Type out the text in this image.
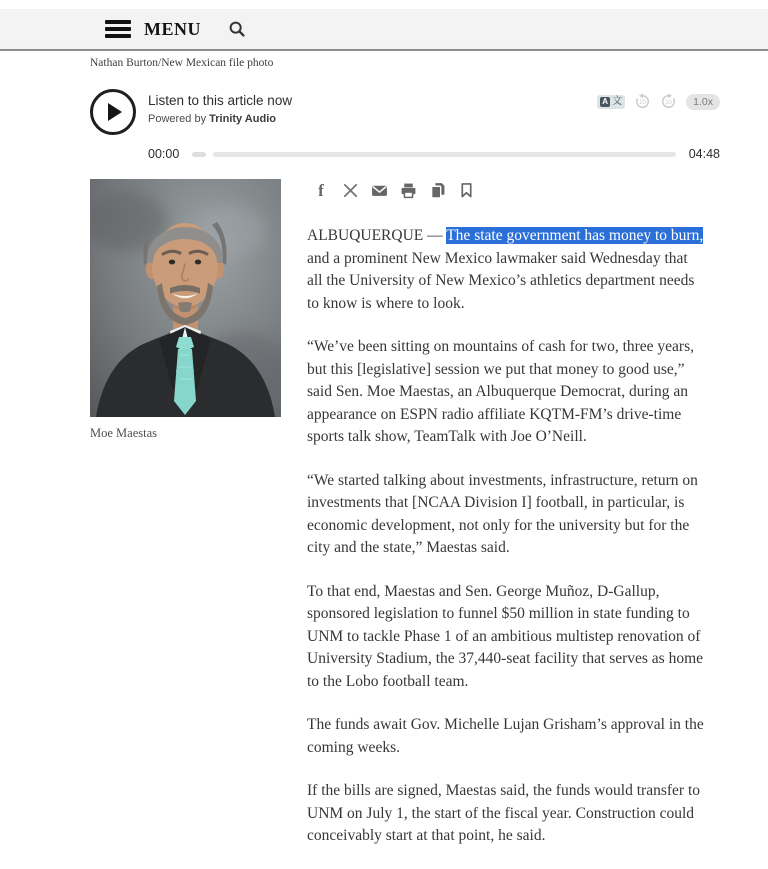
MENU
Nathan Burton/New Mexican file photo
Listen to this article now
Powered by Trinity Audio
A 文 10	10	1.0x
00:00	04:48
Moe Maestas
f

ALBUQUERQUE — The state government has money to burn, and a prominent New Mexico lawmaker said Wednesday that all the University of New Mexico’s athletics department needs to know is where to look.

“We’ve been sitting on mountains of cash for two, three years, but this [legislative] session we put that money to good use,” said Sen. Moe Maestas, an Albuquerque Democrat, during an appearance on ESPN radio affiliate KQTM-FM’s drive-time sports talk show, TeamTalk with Joe O’Neill.

“We started talking about investments, infrastructure, return on investments that [NCAA Division I] football, in particular, is economic development, not only for the university but for the city and the state,” Maestas said.

To that end, Maestas and Sen. George Muñoz, D-Gallup, sponsored legislation to funnel $50 million in state funding to UNM to tackle Phase 1 of an ambitious multistep renovation of University Stadium, the 37,440-seat facility that serves as home to the Lobo football team.

The funds await Gov. Michelle Lujan Grisham’s approval in the coming weeks.

If the bills are signed, Maestas said, the funds would transfer to UNM on July 1, the start of the fiscal year. Construction could conceivably start at that point, he said.
